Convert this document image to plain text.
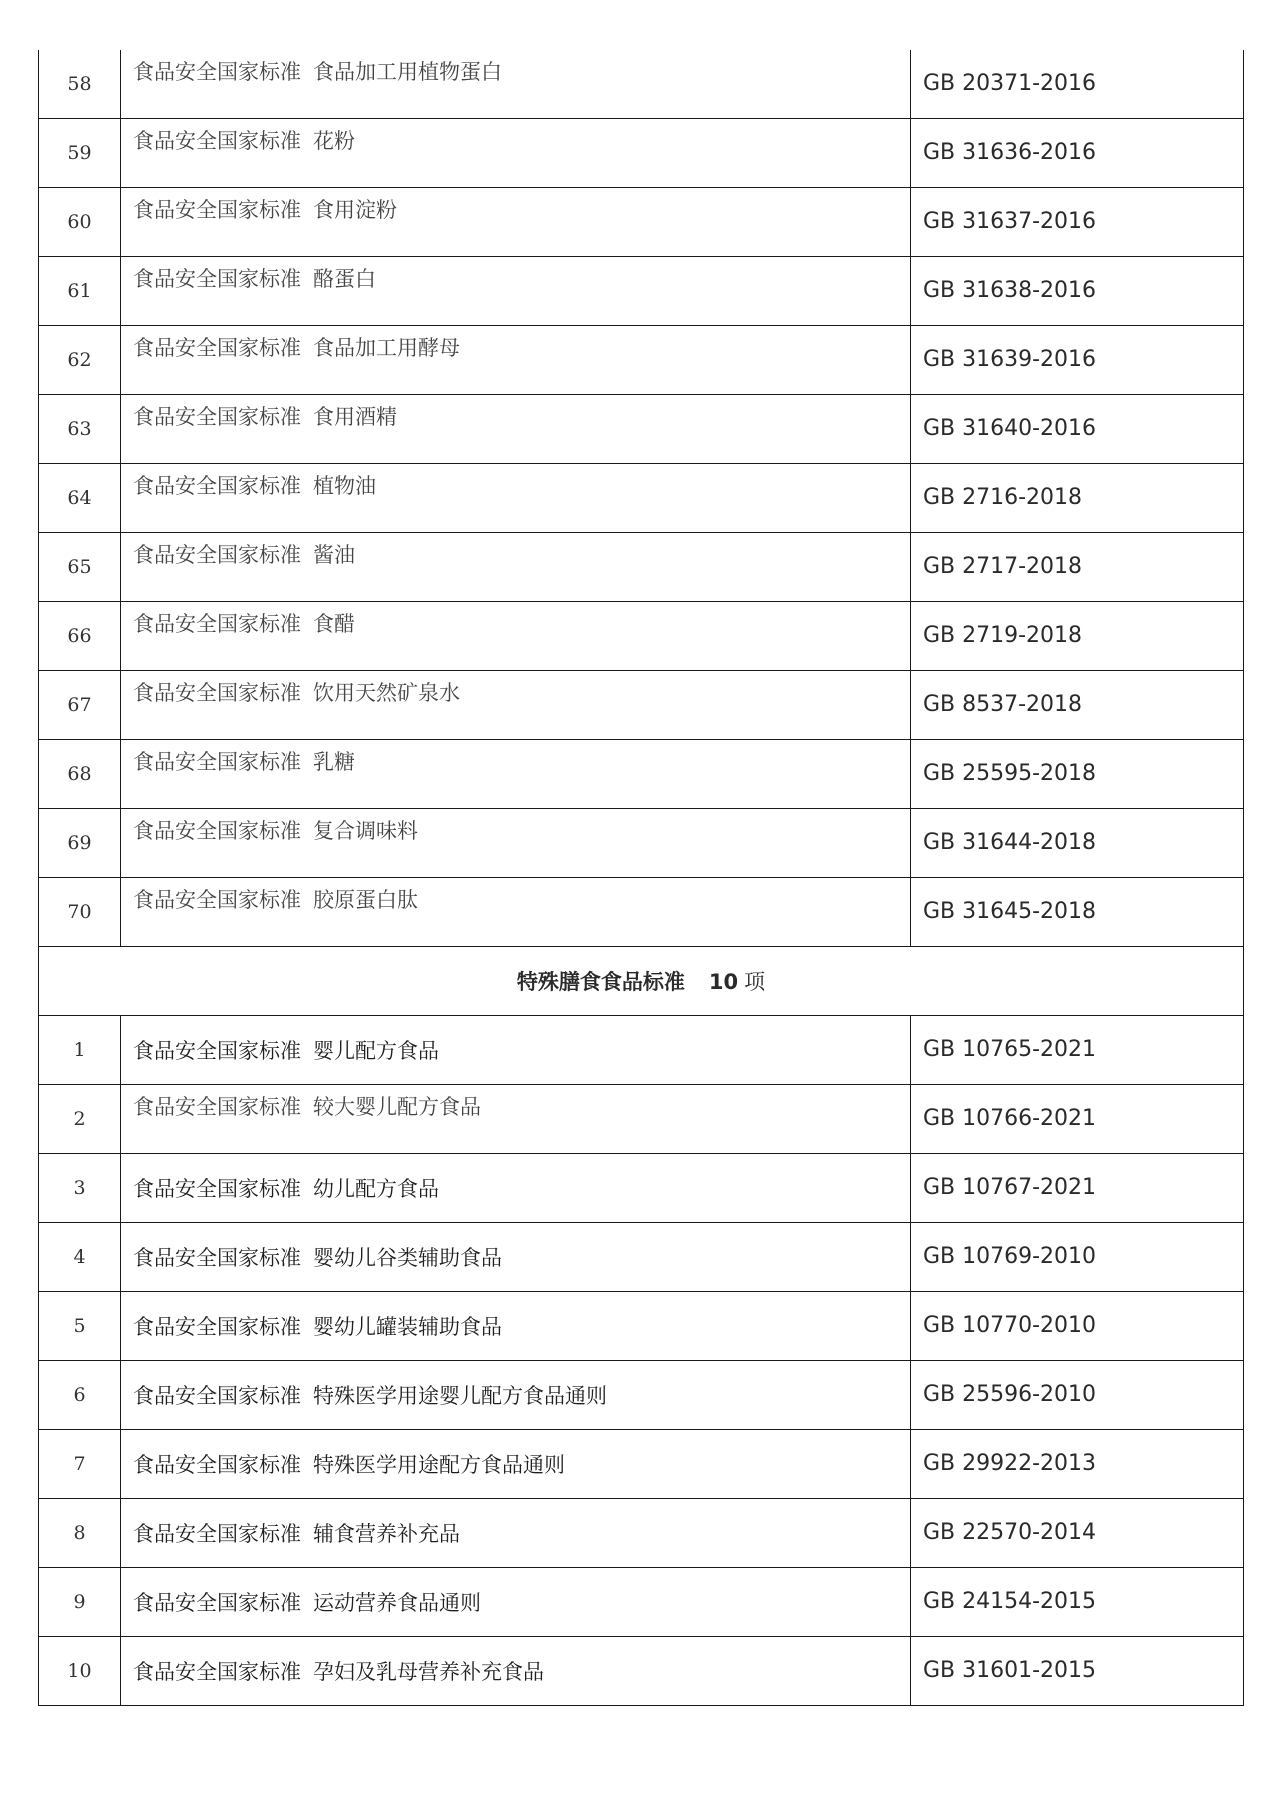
58	食品安全国家标准 食品加工用植物蛋白	GB 20371-2016
59	食品安全国家标准 花粉	GB 31636-2016
60	食品安全国家标准 食用淀粉	GB 31637-2016
61	食品安全国家标准 酪蛋白	GB 31638-2016
62	食品安全国家标准 食品加工用酵母	GB 31639-2016
63	食品安全国家标准 食用酒精	GB 31640-2016
64	食品安全国家标准 植物油	GB 2716-2018
65	食品安全国家标准 酱油	GB 2717-2018
66	食品安全国家标准 食醋	GB 2719-2018
67	食品安全国家标准 饮用天然矿泉水	GB 8537-2018
68	食品安全国家标准 乳糖	GB 25595-2018
69	食品安全国家标准 复合调味料	GB 31644-2018
70	食品安全国家标准 胶原蛋白肽	GB 31645-2018
特殊膳食食品标准 10 项		
1	食品安全国家标准 婴儿配方食品	GB 10765-2021
2	食品安全国家标准 较大婴儿配方食品	GB 10766-2021
3	食品安全国家标准 幼儿配方食品	GB 10767-2021
4	食品安全国家标准 婴幼儿谷类辅助食品	GB 10769-2010
5	食品安全国家标准 婴幼儿罐装辅助食品	GB 10770-2010
6	食品安全国家标准 特殊医学用途婴儿配方食品通则	GB 25596-2010
7	食品安全国家标准 特殊医学用途配方食品通则	GB 29922-2013
8	食品安全国家标准 辅食营养补充品	GB 22570-2014
9	食品安全国家标准 运动营养食品通则	GB 24154-2015
10	食品安全国家标准 孕妇及乳母营养补充食品	GB 31601-2015
